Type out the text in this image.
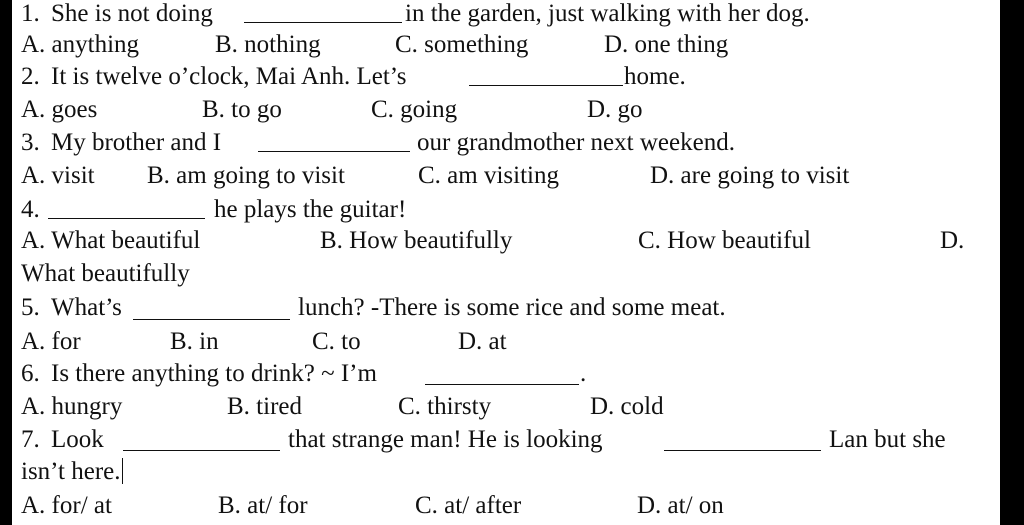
1. She is not doing	in the garden, just walking with her dog.
A. anything	B. nothing	C. something	D. one thing
2. It is twelve o’clock, Mai Anh. Let’s	home.
A. goes	B. to go	C. going	D. go
3. My brother and I	our grandmother next weekend.
A. visit B. am going to visit	C. am visiting	D. are going to visit
4.	he plays the guitar!
A. What beautiful	B. How beautifully	C. How beautiful	D.
What beautifully
5. What’s	lunch? -There is some rice and some meat.
A. for	B. in	C. to	D. at
6. Is there anything to drink? ~ I’m	.
A. hungry	B. tired	C. thirsty	D. cold
7. Look	that strange man! He is looking	Lan but she
isn’t here.
A. for/ at	B. at/ for	C. at/ after	D. at/ on
